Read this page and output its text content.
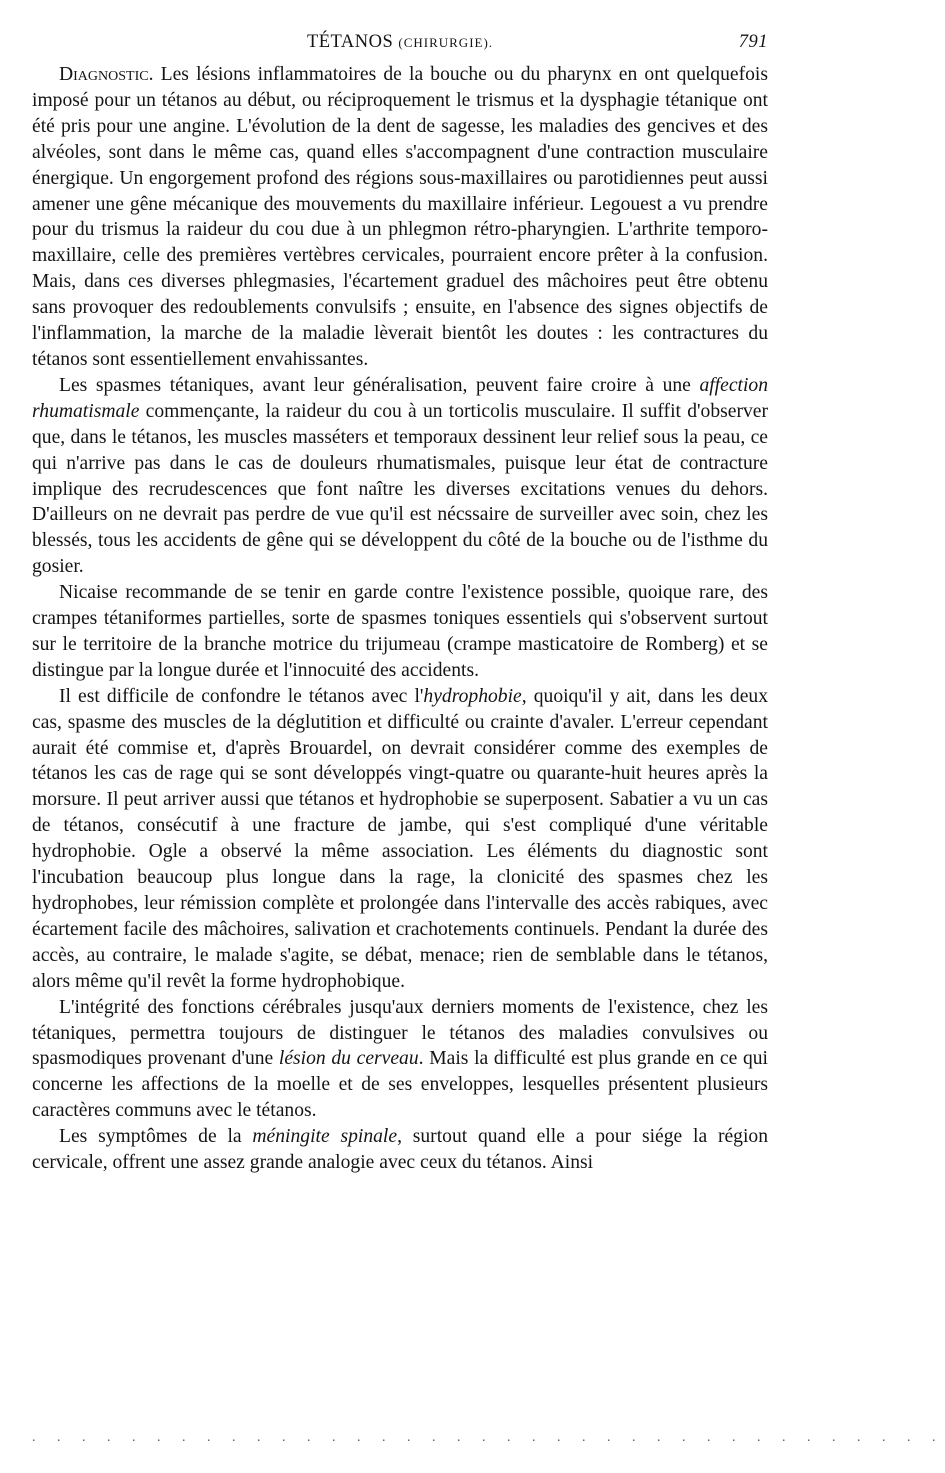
TÉTANOS (CHIRURGIE).	791

Diagnostic. Les lésions inflammatoires de la bouche ou du pharynx en ont quelquefois imposé pour un tétanos au début, ou réciproquement le trismus et la dysphagie tétanique ont été pris pour une angine. L'évolution de la dent de sagesse, les maladies des gencives et des alvéoles, sont dans le même cas, quand elles s'accompagnent d'une contraction musculaire énergique. Un engorgement profond des régions sous-maxillaires ou parotidiennes peut aussi amener une gêne mécanique des mouvements du maxillaire inférieur. Legouest a vu prendre pour du trismus la raideur du cou due à un phlegmon rétro-pharyngien. L'arthrite temporo-maxillaire, celle des premières vertèbres cervicales, pourraient encore prêter à la confusion. Mais, dans ces diverses phlegmasies, l'écartement graduel des mâchoires peut être obtenu sans provoquer des redoublements convulsifs ; ensuite, en l'absence des signes objectifs de l'inflammation, la marche de la maladie lèverait bientôt les doutes : les contractures du tétanos sont essentiellement envahissantes.

Les spasmes tétaniques, avant leur généralisation, peuvent faire croire à une affection rhumatismale commençante, la raideur du cou à un torticolis musculaire. Il suffit d'observer que, dans le tétanos, les muscles masséters et temporaux dessinent leur relief sous la peau, ce qui n'arrive pas dans le cas de douleurs rhumatismales, puisque leur état de contracture implique des recrudescences que font naître les diverses excitations venues du dehors. D'ailleurs on ne devrait pas perdre de vue qu'il est nécssaire de surveiller avec soin, chez les blessés, tous les accidents de gêne qui se développent du côté de la bouche ou de l'isthme du gosier.

Nicaise recommande de se tenir en garde contre l'existence possible, quoique rare, des crampes tétaniformes partielles, sorte de spasmes toniques essentiels qui s'observent surtout sur le territoire de la branche motrice du trijumeau (crampe masticatoire de Romberg) et se distingue par la longue durée et l'innocuité des accidents.

Il est difficile de confondre le tétanos avec l'hydrophobie, quoiqu'il y ait, dans les deux cas, spasme des muscles de la déglutition et difficulté ou crainte d'avaler. L'erreur cependant aurait été commise et, d'après Brouardel, on devrait considérer comme des exemples de tétanos les cas de rage qui se sont développés vingt-quatre ou quarante-huit heures après la morsure. Il peut arriver aussi que tétanos et hydrophobie se superposent. Sabatier a vu un cas de tétanos, consécutif à une fracture de jambe, qui s'est compliqué d'une véritable hydrophobie. Ogle a observé la même association. Les éléments du diagnostic sont l'incubation beaucoup plus longue dans la rage, la clonicité des spasmes chez les hydrophobes, leur rémission complète et prolongée dans l'intervalle des accès rabiques, avec écartement facile des mâchoires, salivation et crachotements continuels. Pendant la durée des accès, au contraire, le malade s'agite, se débat, menace; rien de semblable dans le tétanos, alors même qu'il revêt la forme hydrophobique.

L'intégrité des fonctions cérébrales jusqu'aux derniers moments de l'existence, chez les tétaniques, permettra toujours de distinguer le tétanos des maladies convulsives ou spasmodiques provenant d'une lésion du cerveau. Mais la difficulté est plus grande en ce qui concerne les affections de la moelle et de ses enveloppes, lesquelles présentent plusieurs caractères communs avec le tétanos.

Les symptômes de la méningite spinale, surtout quand elle a pour siége la région cervicale, offrent une assez grande analogie avec ceux du tétanos. Ainsi

. . . . . . . . . . . . . . . . . . . . . . . . . . . . . . . . . . . . .
